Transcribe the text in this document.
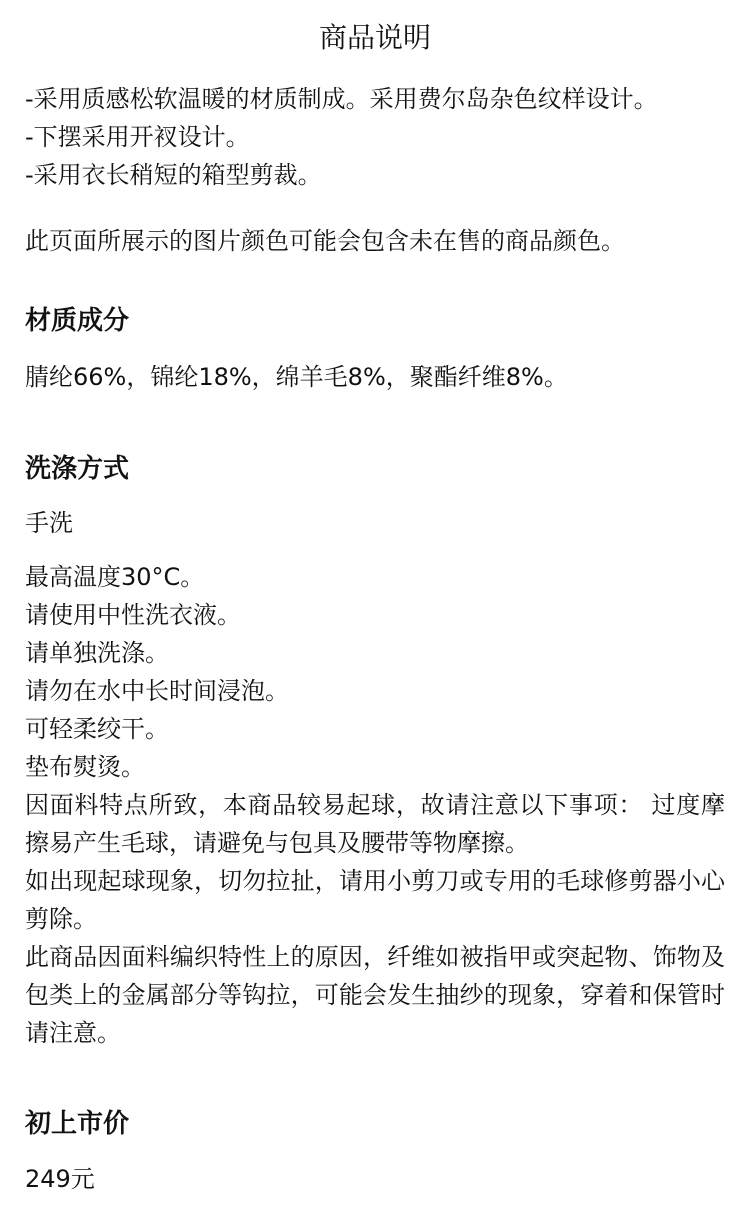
商品说明
-采用质感松软温暖的材质制成。采用费尔岛杂色纹样设计。
-下摆采用开衩设计。
-采用衣长稍短的箱型剪裁。
此页面所展示的图片颜色可能会包含未在售的商品颜色。
材质成分
腈纶66%，锦纶18%，绵羊毛8%，聚酯纤维8%。
洗涤方式
手洗
最高温度30°C。
请使用中性洗衣液。
请单独洗涤。
请勿在水中长时间浸泡。
可轻柔绞干。
垫布熨烫。
因面料特点所致，本商品较易起球，故请注意以下事项： 过度摩擦易产生毛球，请避免与包具及腰带等物摩擦。
如出现起球现象，切勿拉扯，请用小剪刀或专用的毛球修剪器小心剪除。
此商品因面料编织特性上的原因，纤维如被指甲或突起物、饰物及包类上的金属部分等钩拉，可能会发生抽纱的现象，穿着和保管时请注意。
初上市价
249元
